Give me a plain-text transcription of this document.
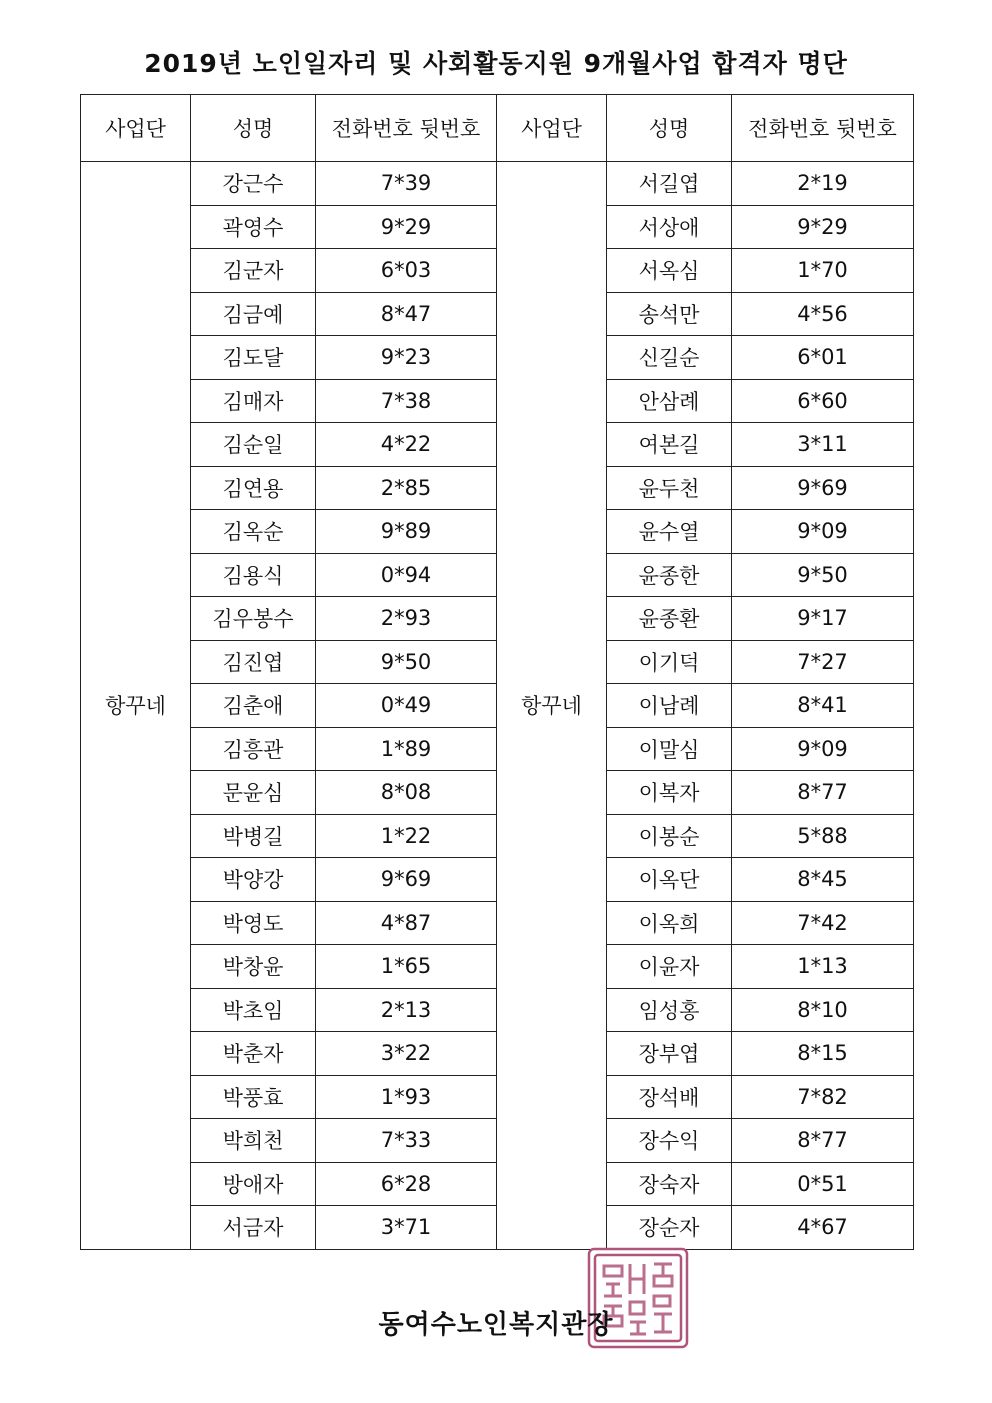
2019년 노인일자리 및 사회활동지원 9개월사업 합격자 명단
사업단	성명	전화번호 뒷번호	사업단	성명	전화번호 뒷번호
항꾸네	강근수	7*39	항꾸네	서길엽	2*19
	곽영수	9*29		서상애	9*29
	김군자	6*03		서옥심	1*70
	김금예	8*47		송석만	4*56
	김도달	9*23		신길순	6*01
	김매자	7*38		안삼례	6*60
	김순일	4*22		여본길	3*11
	김연용	2*85		윤두천	9*69
	김옥순	9*89		윤수열	9*09
	김용식	0*94		윤종한	9*50
	김우봉수	2*93		윤종환	9*17
	김진엽	9*50		이기덕	7*27
	김춘애	0*49		이남례	8*41
	김흥관	1*89		이말심	9*09
	문윤심	8*08		이복자	8*77
	박병길	1*22		이봉순	5*88
	박양강	9*69		이옥단	8*45
	박영도	4*87		이옥희	7*42
	박창윤	1*65		이윤자	1*13
	박초임	2*13		임성홍	8*10
	박춘자	3*22		장부엽	8*15
	박풍효	1*93		장석배	7*82
	박희천	7*33		장수익	8*77
	방애자	6*28		장숙자	0*51
	서금자	3*71		장순자	4*67
동여수노인복지관장
